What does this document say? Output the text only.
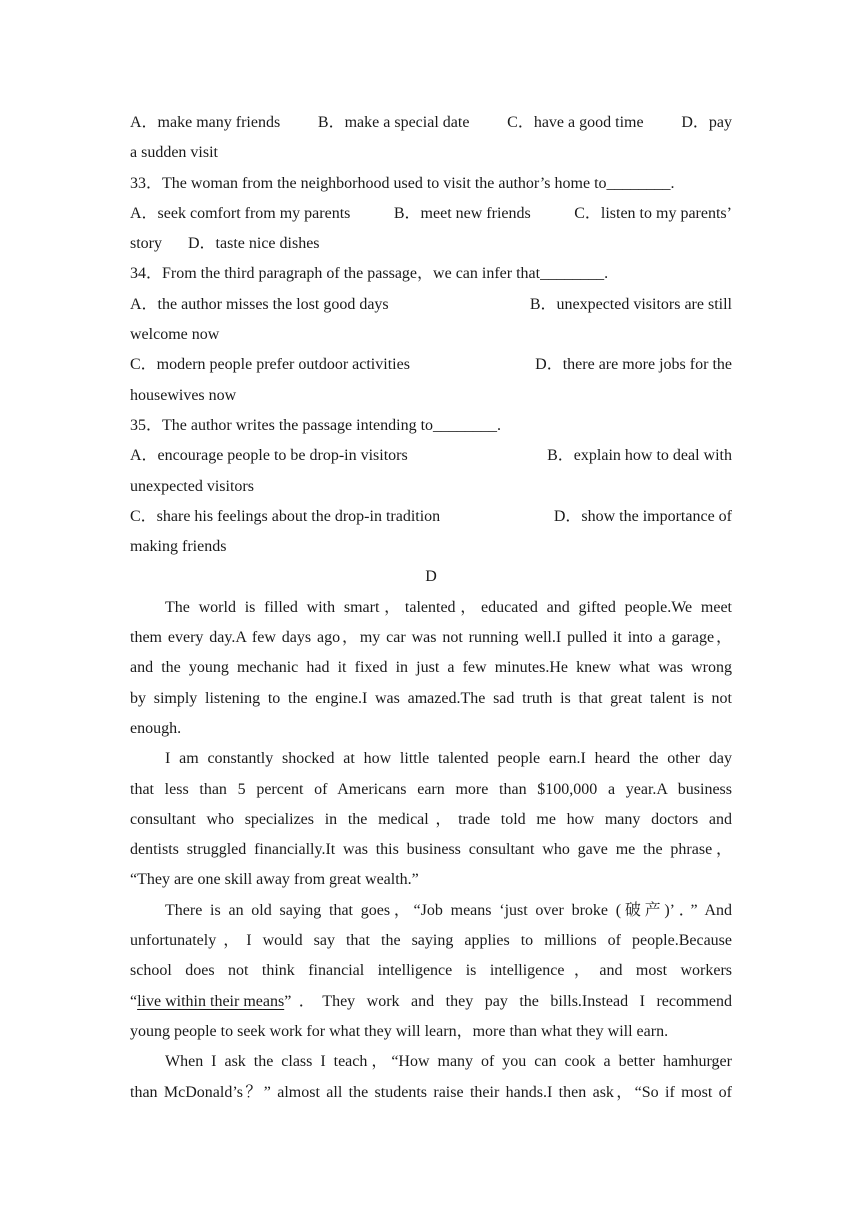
A．make many friends B．make a special date C．have a good time D．pay
a sudden visit
33．The woman from the neighborhood used to visit the author’s home to________.
A．seek comfort from my parents	B．meet new friends	C．listen to my parents’
story D．taste nice dishes
34．From the third paragraph of the passage，we can infer that________.
A．the author misses the lost good days	B．unexpected visitors are still
welcome now
C．modern people prefer outdoor activities	D．there are more jobs for the
housewives now
35．The author writes the passage intending to________.
A．encourage people to be drop-in visitors	B．explain how to deal with
unexpected visitors
C．share his feelings about the drop-in tradition	D．show the importance of
making friends
D
The world is filled with smart，talented，educated and gifted people.We meet
them every day.A few days ago，my car was not running well.I pulled it into a garage，
and the young mechanic had it fixed in just a few minutes.He knew what was wrong
by simply listening to the engine.I was amazed.The sad truth is that great talent is not
enough.
I am constantly shocked at how little talented people earn.I heard the other day
that less than 5 percent of Americans earn more than $100,000 a year.A business
consultant who specializes in the medical，trade told me how many doctors and
dentists struggled financially.It was this business consultant who gave me the phrase，
“They are one skill away from great wealth.”
There is an old saying that goes，“Job means ‘just over broke (破产)’．” And
unfortunately，I would say that the saying applies to millions of people.Because
school does not think financial intelligence is intelligence，and most workers
“ live within their means ”．They work and they pay the bills.Instead I recommend
young people to seek work for what they will learn，more than what they will earn.
When I ask the class I teach，“How many of you can cook a better hamhurger
than McDonald’s？” almost all the students raise their hands.I then ask，“So if most of
